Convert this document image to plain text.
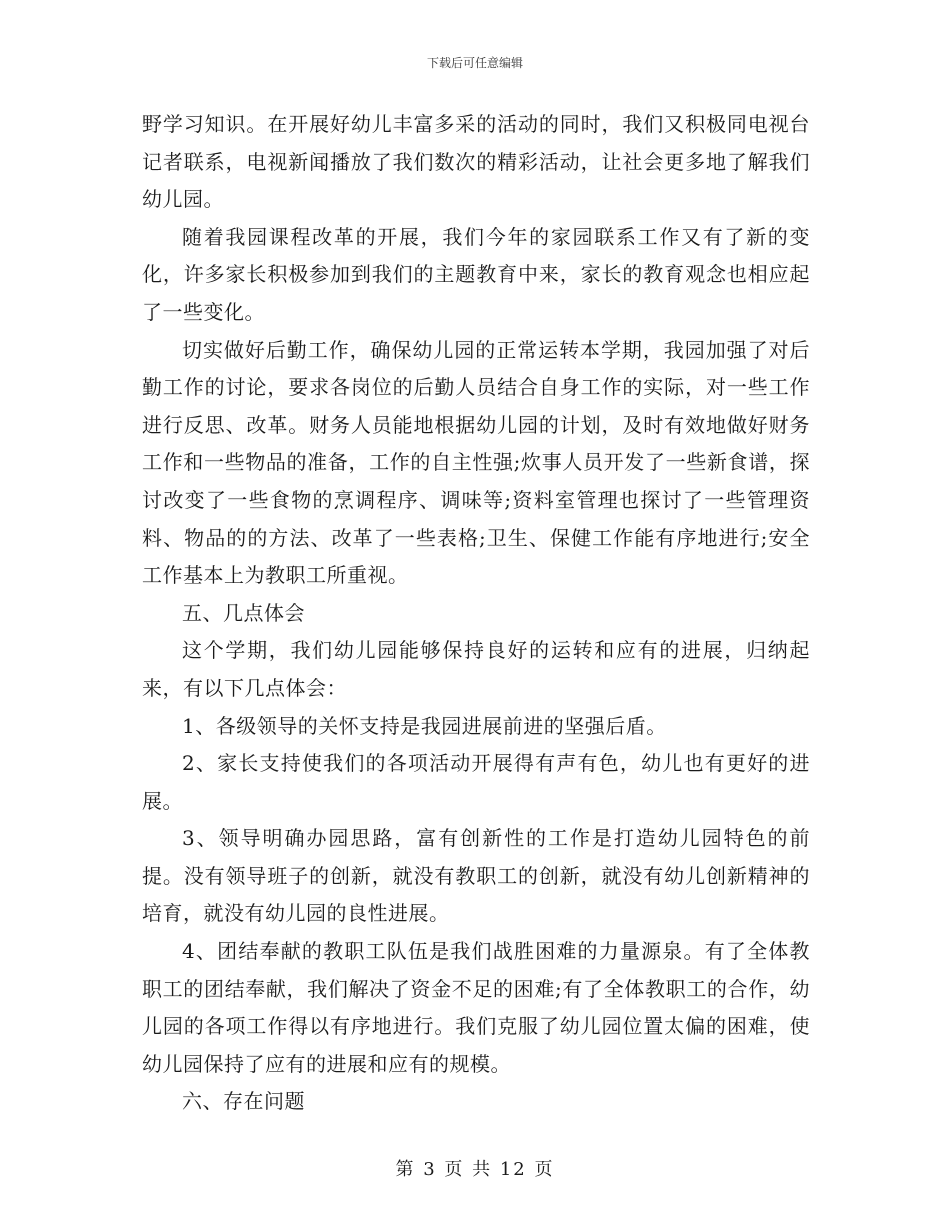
下载后可任意编辑

野学习知识。在开展好幼儿丰富多采的活动的同时，我们又积极同电视台记者联系，电视新闻播放了我们数次的精彩活动，让社会更多地了解我们幼儿园。

随着我园课程改革的开展，我们今年的家园联系工作又有了新的变化，许多家长积极参加到我们的主题教育中来，家长的教育观念也相应起了一些变化。

切实做好后勤工作，确保幼儿园的正常运转本学期，我园加强了对后勤工作的讨论，要求各岗位的后勤人员结合自身工作的实际，对一些工作进行反思、改革。财务人员能地根据幼儿园的计划，及时有效地做好财务工作和一些物品的准备，工作的自主性强;炊事人员开发了一些新食谱，探讨改变了一些食物的烹调程序、调味等;资料室管理也探讨了一些管理资料、物品的的方法、改革了一些表格;卫生、保健工作能有序地进行;安全工作基本上为教职工所重视。

五、几点体会

这个学期，我们幼儿园能够保持良好的运转和应有的进展，归纳起来，有以下几点体会：

1、各级领导的关怀支持是我园进展前进的坚强后盾。

2、家长支持使我们的各项活动开展得有声有色，幼儿也有更好的进展。

3、领导明确办园思路，富有创新性的工作是打造幼儿园特色的前提。没有领导班子的创新，就没有教职工的创新，就没有幼儿创新精神的培育，就没有幼儿园的良性进展。

4、团结奉献的教职工队伍是我们战胜困难的力量源泉。有了全体教职工的团结奉献，我们解决了资金不足的困难;有了全体教职工的合作，幼儿园的各项工作得以有序地进行。我们克服了幼儿园位置太偏的困难，使幼儿园保持了应有的进展和应有的规模。

六、存在问题

第 3 页 共 12 页
